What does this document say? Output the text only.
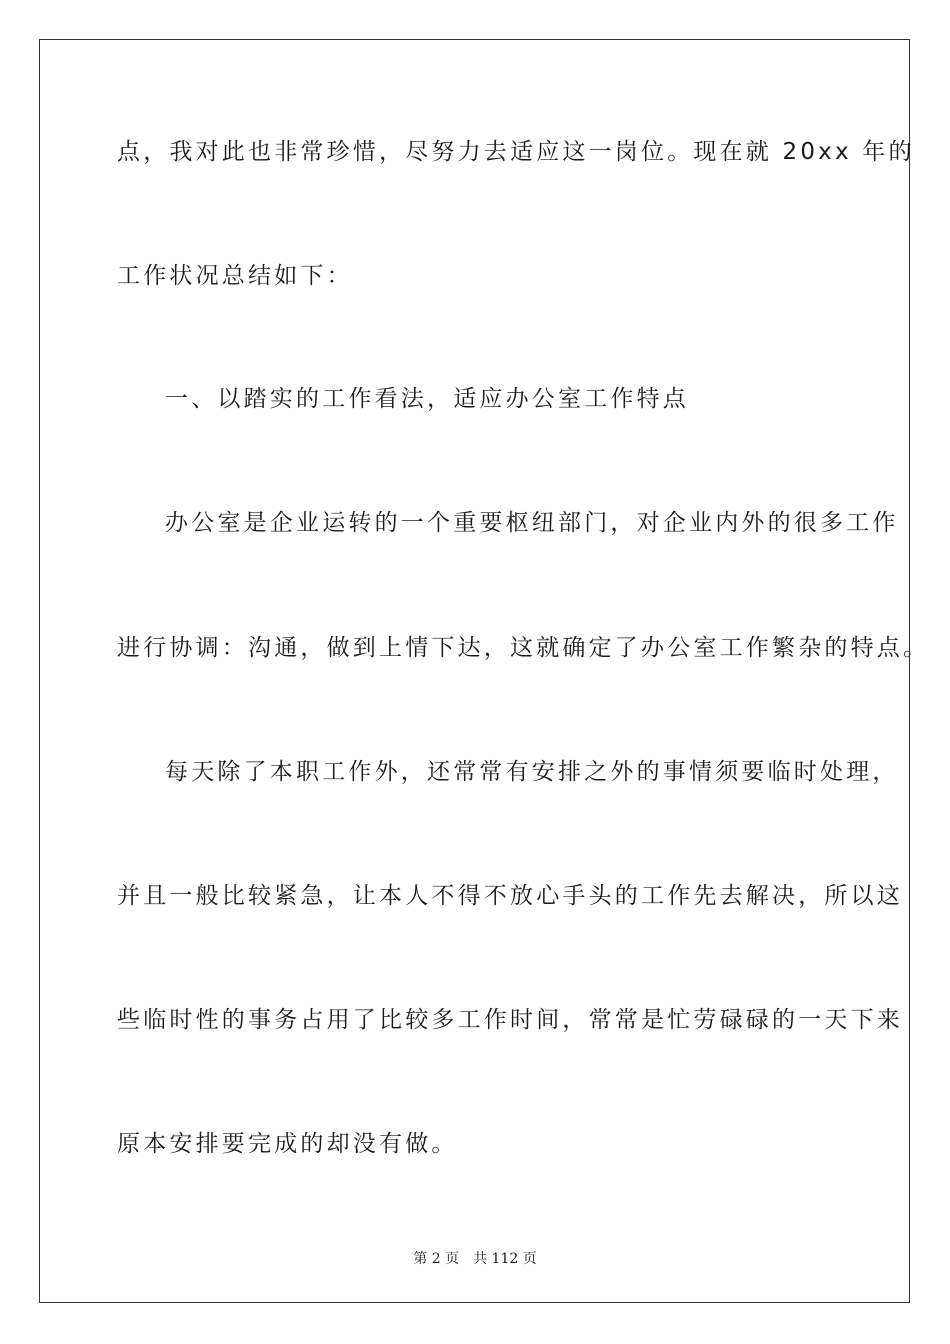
点，我对此也非常珍惜，尽努力去适应这一岗位。现在就 20xx 年的
工作状况总结如下：
一、以踏实的工作看法，适应办公室工作特点
办公室是企业运转的一个重要枢纽部门，对企业内外的很多工作
进行协调：沟通，做到上情下达，这就确定了办公室工作繁杂的特点。
每天除了本职工作外，还常常有安排之外的事情须要临时处理，
并且一般比较紧急，让本人不得不放心手头的工作先去解决，所以这
些临时性的事务占用了比较多工作时间，常常是忙劳碌碌的一天下来
原本安排要完成的却没有做。
第 2 页 共 112 页
